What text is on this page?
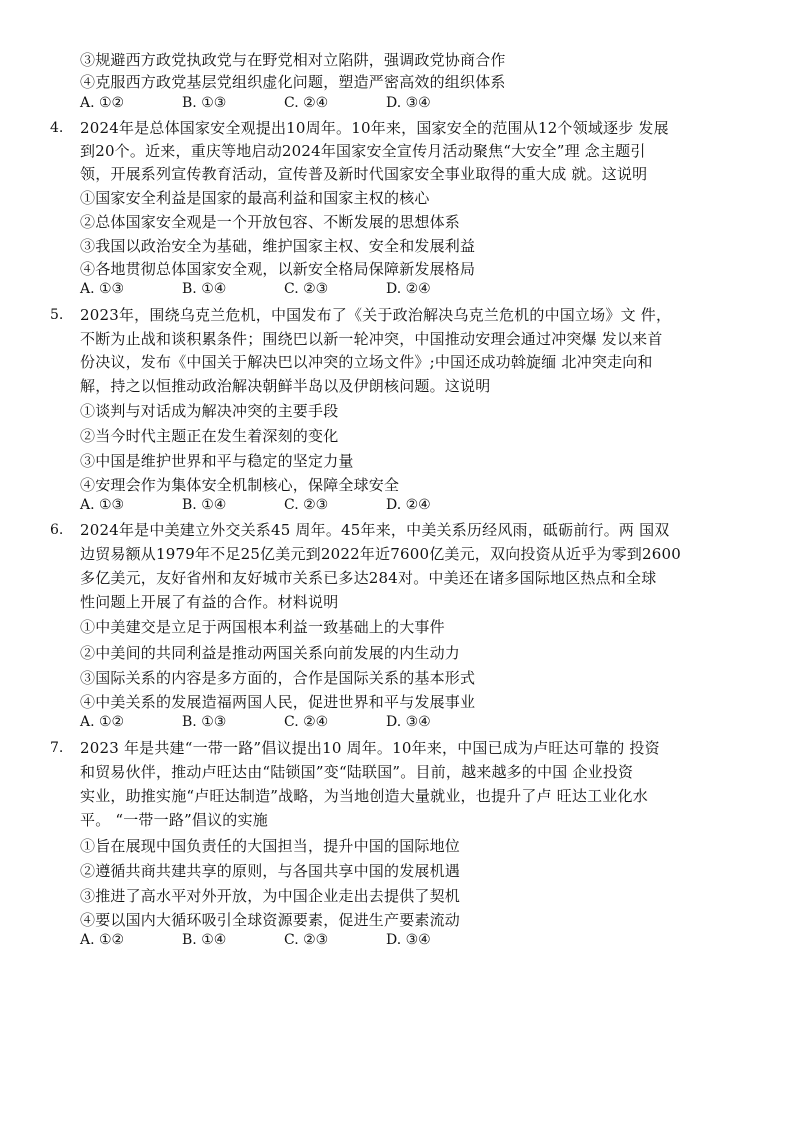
③规避西方政党执政党与在野党相对立陷阱，强调政党协商合作
④克服西方政党基层党组织虚化问题，塑造严密高效的组织体系
A. ①②	B. ①③	C. ②④	D. ③④
4. 2024年是总体国家安全观提出10周年。10年来，国家安全的范围从12个领域逐步 发展
到20个。近来，重庆等地启动2024年国家安全宣传月活动聚焦“大安全”理 念主题引
领，开展系列宣传教育活动，宣传普及新时代国家安全事业取得的重大成 就。这说明
①国家安全利益是国家的最高利益和国家主权的核心
②总体国家安全观是一个开放包容、不断发展的思想体系
③我国以政治安全为基础，维护国家主权、安全和发展利益
④各地贯彻总体国家安全观，以新安全格局保障新发展格局
A. ①③	B. ①④	C. ②③	D. ②④
5. 2023年，围绕乌克兰危机，中国发布了《关于政治解决乌克兰危机的中国立场》文 件，
不断为止战和谈积累条件；围绕巴以新一轮冲突，中国推动安理会通过冲突爆 发以来首
份决议，发布《中国关于解决巴以冲突的立场文件》;中国还成功斡旋缅 北冲突走向和
解，持之以恒推动政治解决朝鲜半岛以及伊朗核问题。这说明
①谈判与对话成为解决冲突的主要手段
②当今时代主题正在发生着深刻的变化
③中国是维护世界和平与稳定的坚定力量
④安理会作为集体安全机制核心，保障全球安全
A. ①③	B. ①④	C. ②③	D. ②④
6. 2024年是中美建立外交关系45 周年。45年来，中美关系历经风雨，砥砺前行。两 国双
边贸易额从1979年不足25亿美元到2022年近7600亿美元，双向投资从近乎为零到2600
多亿美元，友好省州和友好城市关系已多达284对。中美还在诸多国际地区热点和全球
性问题上开展了有益的合作。材料说明
①中美建交是立足于两国根本利益一致基础上的大事件
②中美间的共同利益是推动两国关系向前发展的内生动力
③国际关系的内容是多方面的，合作是国际关系的基本形式
④中美关系的发展造福两国人民，促进世界和平与发展事业
A. ①②	B. ①③	C. ②④	D. ③④
7. 2023 年是共建“一带一路”倡议提出10 周年。10年来，中国已成为卢旺达可靠的 投资
和贸易伙伴，推动卢旺达由“陆锁国”变“陆联国”。目前，越来越多的中国 企业投资
实业，助推实施“卢旺达制造”战略，为当地创造大量就业，也提升了卢 旺达工业化水
平。 “一带一路”倡议的实施
①旨在展现中国负责任的大国担当，提升中国的国际地位
②遵循共商共建共享的原则，与各国共享中国的发展机遇
③推进了高水平对外开放，为中国企业走出去提供了契机
④要以国内大循环吸引全球资源要素，促进生产要素流动
A. ①②	B. ①④	C. ②③	D. ③④
